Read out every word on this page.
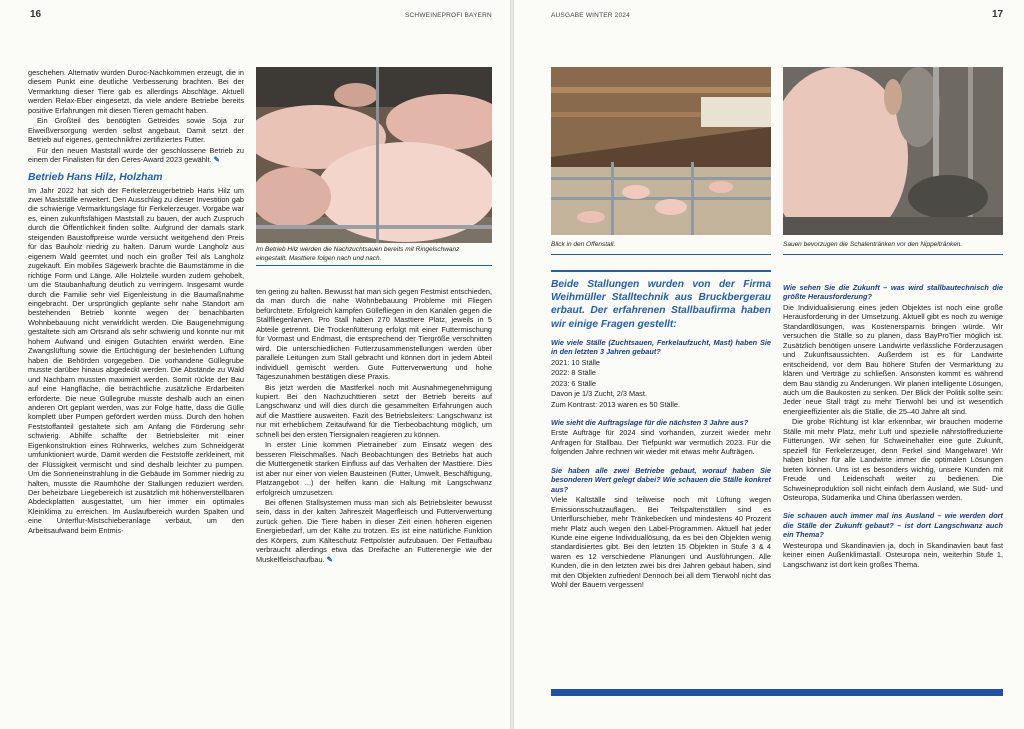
16	SCHWEINEPROFI BAYERN

geschehen. Alternativ wurden Duroc-Nachkommen erzeugt, die in diesem Punkt eine deutliche Verbesserung brachten. Bei der Vermarktung dieser Tiere gab es allerdings Abschläge. Aktuell werden Relax-Eber eingesetzt, da viele andere Betriebe bereits positive Erfahrungen mit diesen Tieren gemacht haben.

Ein Großteil des benötigten Getreides sowie Soja zur Eiweißversorgung werden selbst angebaut. Damit setzt der Betrieb auf eigenes, gentechnikfrei zertifiziertes Futter.

Für den neuen Maststall wurde der geschlossene Betrieb zu einem der Finalisten für den Ceres-Award 2023 gewählt. ✎

Betrieb Hans Hilz, Holzham

Im Jahr 2022 hat sich der Ferkelerzeugerbetrieb Hans Hilz um zwei Mastställe erweitert. Den Ausschlag zu dieser Investition gab die schwierige Vermarktungslage für Ferkelerzeuger. Vorgabe war es, einen zukunftsfähigen Maststall zu bauen, der auch Zuspruch durch die Öffentlichkeit finden sollte. Aufgrund der damals stark steigenden Baustoffpreise wurde versucht weitgehend den Preis für das Bauholz niedrig zu halten. Darum wurde Langholz aus eigenem Wald geerntet und noch ein großer Teil als Langholz zugekauft. Ein mobiles Sägewerk brachte die Baumstämme in die richtige Form und Länge. Alle Holzteile wurden zudem gehobelt, um die Staubanhaftung deutlich zu verringern. Insgesamt wurde durch die Familie sehr viel Eigenleistung in die Baumaßnahme eingebracht. Der ursprünglich geplante sehr nahe Standort am bestehenden Betrieb konnte wegen der benachbarten Wohnbebauung nicht verwirklicht werden. Die Baugenehmigung gestaltete sich am Ortsrand als sehr schwierig und konnte nur mit hohem Aufwand und einigen Gutachten erwirkt werden. Eine Zwangslüftung sowie die Ertüchtigung der bestehenden Lüftung haben die Behörden vorgegeben. Die vorhandene Güllegrube musste darüber hinaus abgedeckt werden. Die Abstände zu Wald und Nachbarn mussten maximiert werden. Somit rückte der Bau auf eine Hangfläche, die beträchtliche zusätzliche Erdarbeiten erforderte. Die neue Güllegrube musste deshalb auch an einen anderen Ort geplant werden, was zur Folge hatte, dass die Gülle komplett über Pumpen gefördert werden muss. Durch den hohen Feststoffanteil gestaltete sich am Anfang die Förderung sehr schwierig. Abhilfe schaffte der Betriebsleiter mit einer Eigenkonstruktion eines Rührwerks, welches zum Schneidgerät umfunktioniert wurde. Damit werden die Feststoffe zerkleinert, mit der Flüssigkeit vermischt und sind deshalb leichter zu pumpen. Um die Sonneneinstrahlung in die Gebäude im Sommer niedrig zu halten, musste die Raumhöhe der Stallungen reduziert werden. Der beheizbare Liegebereich ist zusätzlich mit höhenverstellbaren Abdeckplatten ausgestattet, um hier immer ein optimales Kleinklima zu erreichen. Im Auslaufbereich wurden Spalten und eine Unterflur-Mistschieberanlage verbaut, um den Arbeitsaufwand beim Entmis-

Im Betrieb Hilz werden die Nachzuchtsauen bereits mit Ringelschwanz eingestallt. Masttiere folgen nach und nach.

ten gering zu halten. Bewusst hat man sich gegen Festmist entschieden, da man durch die nahe Wohnbebauung Probleme mit Fliegen befürchtete. Erfolgreich kämpfen Güllefliegen in den Kanälen gegen die Stallfliegenlarven. Pro Stall haben 270 Masttiere Platz, jeweils in 5 Abteile getrennt. Die Trockenfütterung erfolgt mit einer Futtermischung für Vormast und Endmast, die entsprechend der Tiergröße verschnitten wird. Die unterschiedlichen Futterzusammenstellungen werden über parallele Leitungen zum Stall gebracht und können dort in jedem Abteil individuell gemischt werden. Gute Futterverwertung und hohe Tageszunahmen bestätigen diese Praxis.

Bis jetzt werden die Mastferkel noch mit Ausnahmegenehmigung kupiert. Bei den Nachzuchttieren setzt der Betrieb bereits auf Langschwanz und will dies durch die gesammelten Erfahrungen auch auf die Masttiere ausweiten. Fazit des Betriebsleiters: Langschwanz ist nur mit erheblichem Zeitaufwand für die Tierbeobachtung möglich, um schnell bei den ersten Tiersignalen reagieren zu können.

In erster Linie kommen Pietraineber zum Einsatz wegen des besseren Fleischmaßes. Nach Beobachtungen des Betriebs hat auch die Muttergenetik starken Einfluss auf das Verhalten der Masttiere. Dies ist aber nur einer von vielen Bausteinen (Futter, Umwelt, Beschäftigung, Platzangebot ...) der helfen kann die Haltung mit Langschwanz erfolgreich umzusetzen.

Bei offenen Stallsystemen muss man sich als Betriebsleiter bewusst sein, dass in der kalten Jahreszeit Magerfleisch und Futterverwertung zurück gehen. Die Tiere haben in dieser Zeit einen höheren eigenen Energiebedarf, um der Kälte zu trotzen. Es ist eine natürliche Funktion des Körpers, zum Kälteschutz Fettpolster aufzubauen. Der Fettaufbau verbraucht allerdings etwa das Dreifache an Futterenergie wie der Muskelfleischaufbau. ✎

AUSGABE WINTER 2024	17
Blick in den Offenstall.	Sauen bevorzugen die Schalentränken vor den Nippeltränken.
Beide Stallungen wurden von der Firma Weihmüller Stalltechnik aus Bruckbergerau erbaut. Der erfahrenen Stallbaufirma haben wir einige Fragen gestellt:

Wie viele Ställe (Zuchtsauen, Ferkelaufzucht, Mast) haben Sie in den letzten 3 Jahren gebaut?

2021: 10 Ställe

2022: 8 Ställe

2023: 6 Ställe

Davon je 1/3 Zucht, 2/3 Mast.

Zum Kontrast: 2013 waren es 50 Ställe.

Wie sieht die Auftragslage für die nächsten 3 Jahre aus?

Erste Aufträge für 2024 sind vorhanden, zurzeit wieder mehr Anfragen für Stallbau. Der Tiefpunkt war vermutlich 2023. Für die folgenden Jahre rechnen wir wieder mit etwas mehr Aufträgen.

Sie haben alle zwei Betriebe gebaut, worauf haben Sie besonderen Wert gelegt dabei? Wie schauen die Ställe konkret aus?

Viele Kaltställe sind teilweise noch mit Lüftung wegen Emissionsschutzauflagen. Bei Teilspaltenställen sind es Unterflurschieber, mehr Tränkebecken und mindestens 40 Prozent mehr Platz auch wegen den Label-Programmen. Aktuell hat jeder Kunde eine eigene Individuallösung, da es bei den Objekten wenig standardisiertes gibt. Bei den letzten 15 Objekten in Stufe 3 & 4 waren es 12 verschiedene Planungen und Ausführungen. Alle Kunden, die in den letzten zwei bis drei Jahren gebaut haben, sind mit den Objekten zufrieden! Dennoch bei all dem Tierwohl nicht das Wohl der Bauern vergessen!

Wie sehen Sie die Zukunft – was wird stallbautechnisch die größte Herausforderung?

Die Individualisierung eines jeden Objektes ist noch eine große Herausforderung in der Umsetzung. Aktuell gibt es noch zu wenige Standardlösungen, was Kostenersparnis bringen würde. Wir versuchen die Ställe so zu planen, dass BayProTier möglich ist. Zusätzlich benötigen unsere Landwirte verlässliche Förderzusagen und Zukunftsaussichten. Außerdem ist es für Landwirte entscheidend, vor dem Bau höhere Stufen der Vermarktung zu klären und Verträge zu schließen. Ansonsten kommt es während dem Bau ständig zu Änderungen. Wir planen intelligente Lösungen, auch um die Baukosten zu senken. Der Blick der Politik sollte sein: Jeder neue Stall trägt zu mehr Tierwohl bei und ist wesentlich energieeffizienter als die Ställe, die 25–40 Jahre alt sind.

Die grobe Richtung ist klar erkennbar, wir brauchen moderne Ställe mit mehr Platz, mehr Luft und spezielle nährstoffreduzierte Fütterungen. Wir sehen für Schweinehalter eine gute Zukunft, speziell für Ferkelerzeuger, denn Ferkel sind Mangelware! Wir haben bisher für alle Landwirte immer die optimalen Lösungen bieten können. Uns ist es besonders wichtig, unsere Kunden mit Freude und Leidenschaft weiter zu bedienen. Die Schweineproduktion soll nicht einfach dem Ausland, wie Süd- und Osteuropa, Südamerika und China überlassen werden.

Sie schauen auch immer mal ins Ausland – wie werden dort die Ställe der Zukunft gebaut? – ist dort Langschwanz auch ein Thema?

Westeuropa und Skandinavien ja, doch in Skandinavien baut fast keiner einen Außenklimastall. Osteuropa nein, weiterhin Stufe 1, Langschwanz ist dort kein großes Thema.
